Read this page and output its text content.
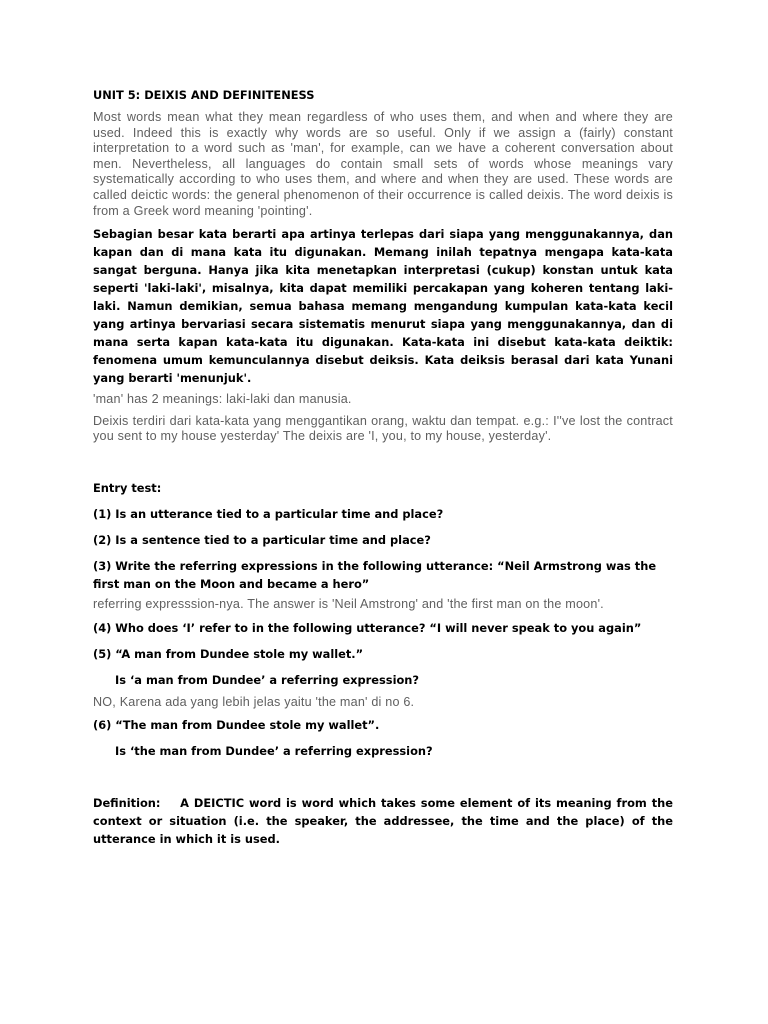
UNIT 5: DEIXIS AND DEFINITENESS

Most words mean what they mean regardless of who uses them, and when and where they are used. Indeed this is exactly why words are so useful. Only if we assign a (fairly) constant interpretation to a word such as 'man', for example, can we have a coherent conversation about men. Nevertheless, all languages do contain small sets of words whose meanings vary systematically according to who uses them, and where and when they are used. These words are called deictic words: the general phenomenon of their occurrence is called deixis. The word deixis is from a Greek word meaning 'pointing'.

Sebagian besar kata berarti apa artinya terlepas dari siapa yang menggunakannya, dan kapan dan di mana kata itu digunakan. Memang inilah tepatnya mengapa kata-kata sangat berguna. Hanya jika kita menetapkan interpretasi (cukup) konstan untuk kata seperti 'laki-laki', misalnya, kita dapat memiliki percakapan yang koheren tentang laki-laki. Namun demikian, semua bahasa memang mengandung kumpulan kata-kata kecil yang artinya bervariasi secara sistematis menurut siapa yang menggunakannya, dan di mana serta kapan kata-kata itu digunakan. Kata-kata ini disebut kata-kata deiktik: fenomena umum kemunculannya disebut deiksis. Kata deiksis berasal dari kata Yunani yang berarti 'menunjuk'.

'man' has 2 meanings: laki-laki dan manusia.

Deixis terdiri dari kata-kata yang menggantikan orang, waktu dan tempat. e.g.: I''ve lost the contract you sent to my house yesterday' The deixis are 'I, you, to my house, yesterday'.

Entry test:

(1) Is an utterance tied to a particular time and place?

(2) Is a sentence tied to a particular time and place?

(3) Write the referring expressions in the following utterance: “Neil Armstrong was the first man on the Moon and became a hero”

referring expresssion-nya. The answer is 'Neil Amstrong' and 'the first man on the moon'.

(4) Who does ‘I’ refer to in the following utterance? “I will never speak to you again”

(5) “A man from Dundee stole my wallet.”

Is ‘a man from Dundee’ a referring expression?

NO, Karena ada yang lebih jelas yaitu 'the man' di no 6.

(6) “The man from Dundee stole my wallet”.

Is ‘the man from Dundee’ a referring expression?

Definition:    A DEICTIC word is word which takes some element of its meaning from the context or situation (i.e. the speaker, the addressee, the time and the place) of the utterance in which it is used.
